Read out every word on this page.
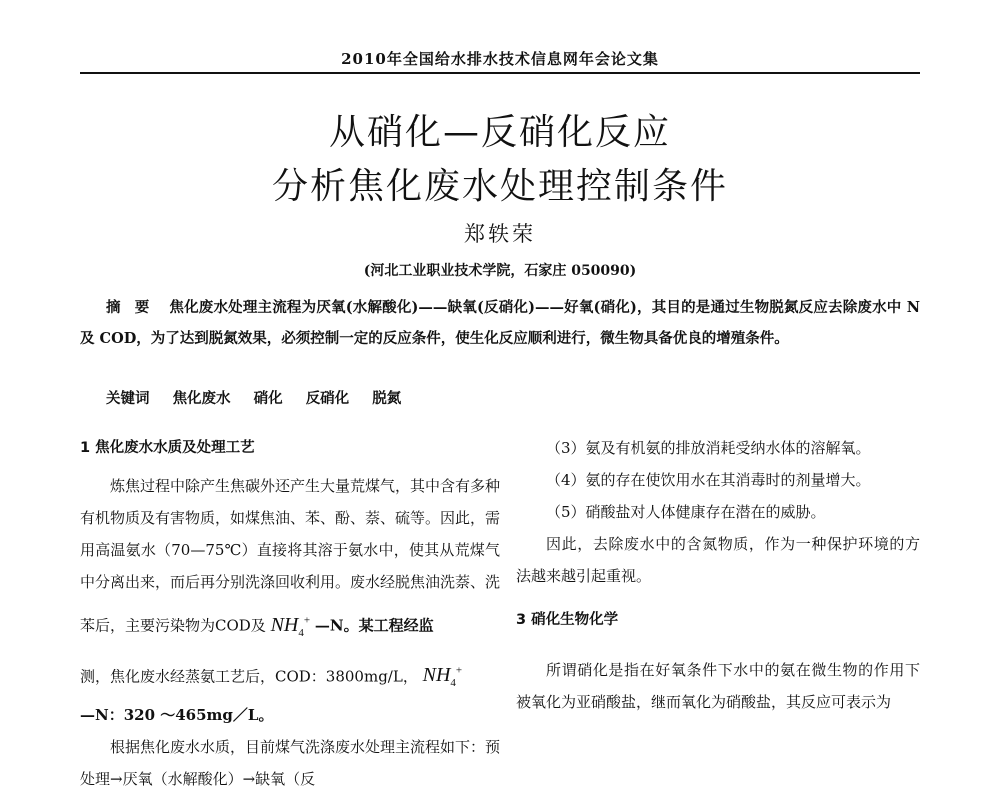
2010年全国给水排水技术信息网年会论文集
从硝化—反硝化反应
分析焦化废水处理控制条件
郑轶荣
(河北工业职业技术学院，石家庄 050090)
摘要 焦化废水处理主流程为厌氧(水解酸化)——缺氧(反硝化)——好氧(硝化)，其目的是通过生物脱氮反应去除废水中 N 及 COD，为了达到脱氮效果，必须控制一定的反应条件，使生化反应顺利进行，微生物具备优良的增殖条件。
关键词 焦化废水 硝化 反硝化 脱氮
1 焦化废水水质及处理工艺

炼焦过程中除产生焦碳外还产生大量荒煤气，其中含有多种有机物质及有害物质，如煤焦油、苯、酚、萘、硫等。因此，需用高温氨水（70—75℃）直接将其溶于氨水中，使其从荒煤气中分离出来，而后再分别洗涤回收利用。废水经脱焦油洗萘、洗

苯后，主要污染物为COD及 $NH_4^+$ —N。某工程经监

测，焦化废水经蒸氨工艺后，COD：3800mg/L， $NH_4^+$
—N：320 ～465mg／L。

根据焦化废水水质，目前煤气洗涤废水处理主流程如下：预处理→厌氧（水解酸化）→缺氧（反

（3）氨及有机氨的排放消耗受纳水体的溶解氧。

（4）氨的存在使饮用水在其消毒时的剂量增大。

（5）硝酸盐对人体健康存在潜在的威胁。

因此，去除废水中的含氮物质，作为一种保护环境的方法越来越引起重视。

3 硝化生物化学

所谓硝化是指在好氧条件下水中的氨在微生物的作用下被氧化为亚硝酸盐，继而氧化为硝酸盐，其反应可表示为
